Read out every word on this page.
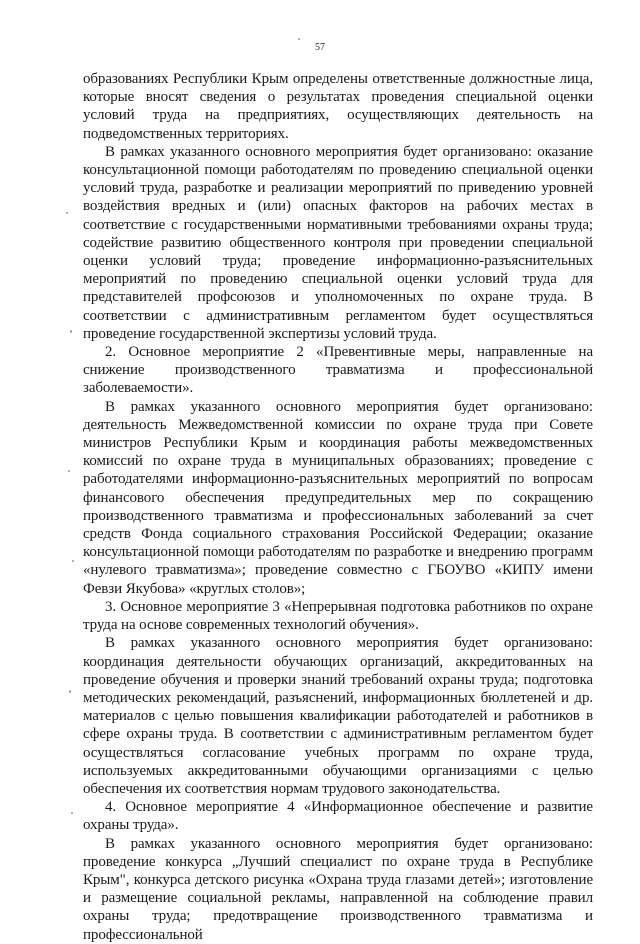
57

образованиях Республики Крым определены ответственные должностные лица, которые вносят сведения о результатах проведения специальной оценки условий труда на предприятиях, осуществляющих деятельность на подведомственных территориях.

В рамках указанного основного мероприятия будет организовано: оказание консультационной помощи работодателям по проведению специальной оценки условий труда, разработке и реализации мероприятий по приведению уровней воздействия вредных и (или) опасных факторов на рабочих местах в соответствие с государственными нормативными требованиями охраны труда; содействие развитию общественного контроля при проведении специальной оценки условий труда; проведение информационно-разъяснительных мероприятий по проведению специальной оценки условий труда для представителей профсоюзов и уполномоченных по охране труда. В соответствии с административным регламентом будет осуществляться проведение государственной экспертизы условий труда.

2. Основное мероприятие 2 «Превентивные меры, направленные на снижение производственного травматизма и профессиональной заболеваемости».

В рамках указанного основного мероприятия будет организовано: деятельность Межведомственной комиссии по охране труда при Совете министров Республики Крым и координация работы межведомственных комиссий по охране труда в муниципальных образованиях; проведение с работодателями информационно-разъяснительных мероприятий по вопросам финансового обеспечения предупредительных мер по сокращению производственного травматизма и профессиональных заболеваний за счет средств Фонда социального страхования Российской Федерации; оказание консультационной помощи работодателям по разработке и внедрению программ «нулевого травматизма»; проведение совместно с ГБОУВО «КИПУ имени Февзи Якубова» «круглых столов»;

3. Основное мероприятие 3 «Непрерывная подготовка работников по охране труда на основе современных технологий обучения».

В рамках указанного основного мероприятия будет организовано: координация деятельности обучающих организаций, аккредитованных на проведение обучения и проверки знаний требований охраны труда; подготовка методических рекомендаций, разъяснений, информационных бюллетеней и др. материалов с целью повышения квалификации работодателей и работников в сфере охраны труда. В соответствии с административным регламентом будет осуществляться согласование учебных программ по охране труда, используемых аккредитованными обучающими организациями с целью обеспечения их соответствия нормам трудового законодательства.

4. Основное мероприятие 4 «Информационное обеспечение и развитие охраны труда».

В рамках указанного основного мероприятия будет организовано: проведение конкурса „Лучший специалист по охране труда в Республике Крым", конкурса детского рисунка «Охрана труда глазами детей»; изготовление и размещение социальной рекламы, направленной на соблюдение правил охраны труда; предотвращение производственного травматизма и профессиональной
